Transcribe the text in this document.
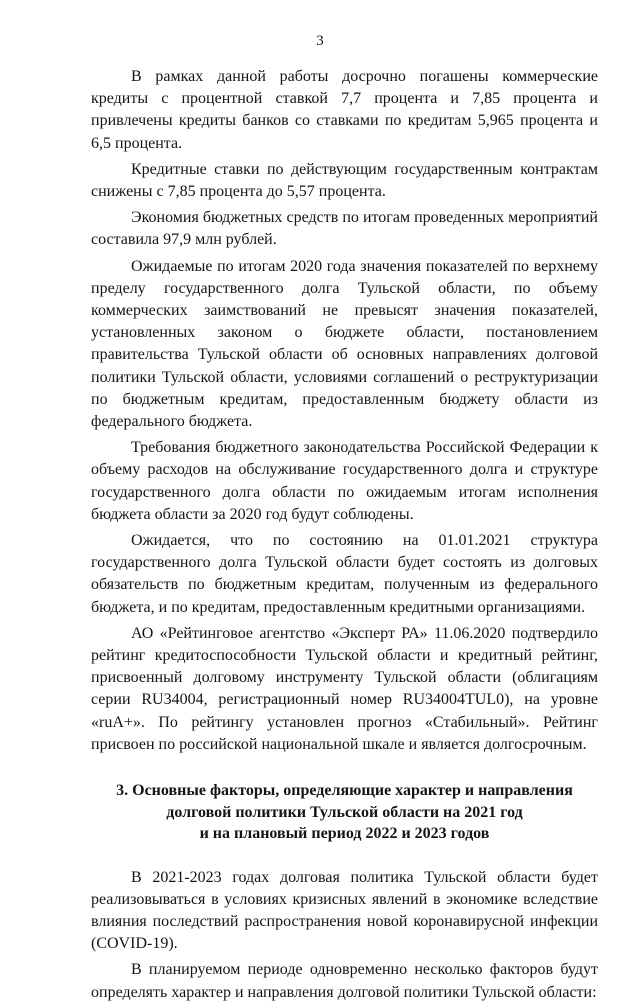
3

В рамках данной работы досрочно погашены коммерческие кредиты с процентной ставкой 7,7 процента и 7,85 процента и привлечены кредиты банков со ставками по кредитам 5,965 процента и 6,5 процента.

Кредитные ставки по действующим государственным контрактам снижены с 7,85 процента до 5,57 процента.

Экономия бюджетных средств по итогам проведенных мероприятий составила 97,9 млн рублей.

Ожидаемые по итогам 2020 года значения показателей по верхнему пределу государственного долга Тульской области, по объему коммерческих заимствований не превысят значения показателей, установленных законом о бюджете области, постановлением правительства Тульской области об основных направлениях долговой политики Тульской области, условиями соглашений о реструктуризации по бюджетным кредитам, предоставленным бюджету области из федерального бюджета.

Требования бюджетного законодательства Российской Федерации к объему расходов на обслуживание государственного долга и структуре государственного долга области по ожидаемым итогам исполнения бюджета области за 2020 год будут соблюдены.

Ожидается, что по состоянию на 01.01.2021 структура государственного долга Тульской области будет состоять из долговых обязательств по бюджетным кредитам, полученным из федерального бюджета, и по кредитам, предоставленным кредитными организациями.

АО «Рейтинговое агентство «Эксперт РА» 11.06.2020 подтвердило рейтинг кредитоспособности Тульской области и кредитный рейтинг, присвоенный долговому инструменту Тульской области (облигациям серии RU34004, регистрационный номер RU34004TUL0), на уровне «ruA+». По рейтингу установлен прогноз «Стабильный». Рейтинг присвоен по российской национальной шкале и является долгосрочным.

3. Основные факторы, определяющие характер и направления
долговой политики Тульской области на 2021 год
и на плановый период 2022 и 2023 годов

В 2021-2023 годах долговая политика Тульской области будет реализовываться в условиях кризисных явлений в экономике вследствие влияния последствий распространения новой коронавирусной инфекции (COVID-19).

В планируемом периоде одновременно несколько факторов будут определять характер и направления долговой политики Тульской области:
